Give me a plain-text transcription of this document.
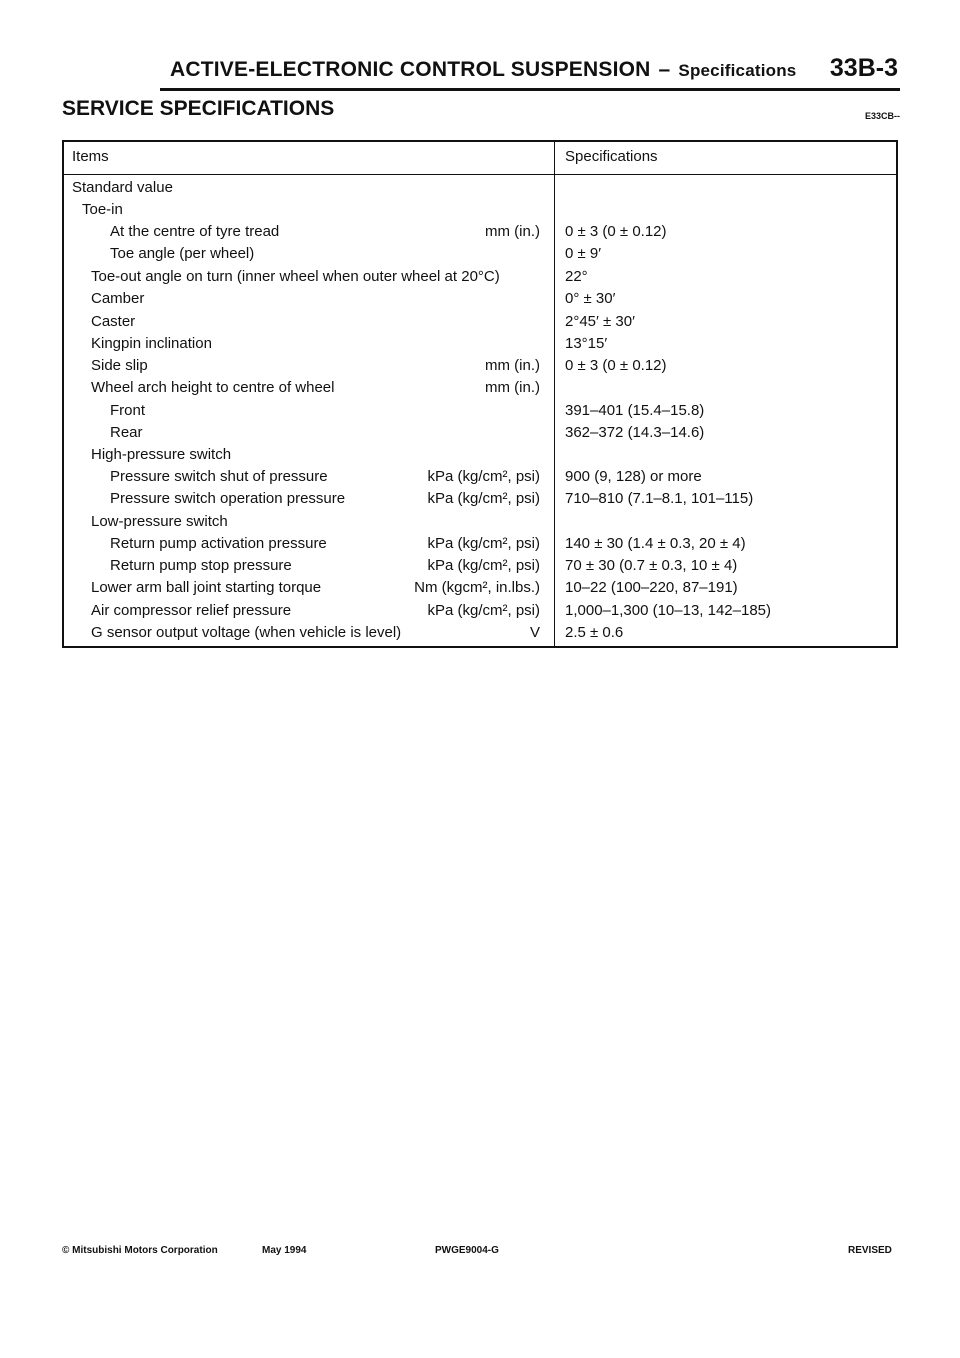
ACTIVE-ELECTRONIC CONTROL SUSPENSION – Specifications 33B-3
SERVICE SPECIFICATIONS	E33CB--
Items	Specifications
Standard value
Toe-in
At the centre of tyre tread	mm (in.) 0 ± 3 (0 ± 0.12)
Toe angle (per wheel)	0 ± 9′
Toe-out angle on turn (inner wheel when outer wheel at 20°C)	22°
Camber	0° ± 30′
Caster	2°45′ ± 30′
Kingpin inclination	13°15′
Side slip	mm (in.) 0 ± 3 (0 ± 0.12)
Wheel arch height to centre of wheel	mm (in.)
Front	391–401 (15.4–15.8)
Rear	362–372 (14.3–14.6)
High-pressure switch
Pressure switch shut of pressure	kPa (kg/cm², psi) 900 (9, 128) or more
Pressure switch operation pressure	kPa (kg/cm², psi) 710–810 (7.1–8.1, 101–115)
Low-pressure switch
Return pump activation pressure	kPa (kg/cm², psi) 140 ± 30 (1.4 ± 0.3, 20 ± 4)
Return pump stop pressure	kPa (kg/cm², psi) 70 ± 30 (0.7 ± 0.3, 10 ± 4)
Lower arm ball joint starting torque	Nm (kgcm², in.lbs.) 10–22 (100–220, 87–191)
Air compressor relief pressure	kPa (kg/cm², psi) 1,000–1,300 (10–13, 142–185)
G sensor output voltage (when vehicle is level)	V 2.5 ± 0.6
© Mitsubishi Motors Corporation	May 1994	PWGE9004-G	REVISED
